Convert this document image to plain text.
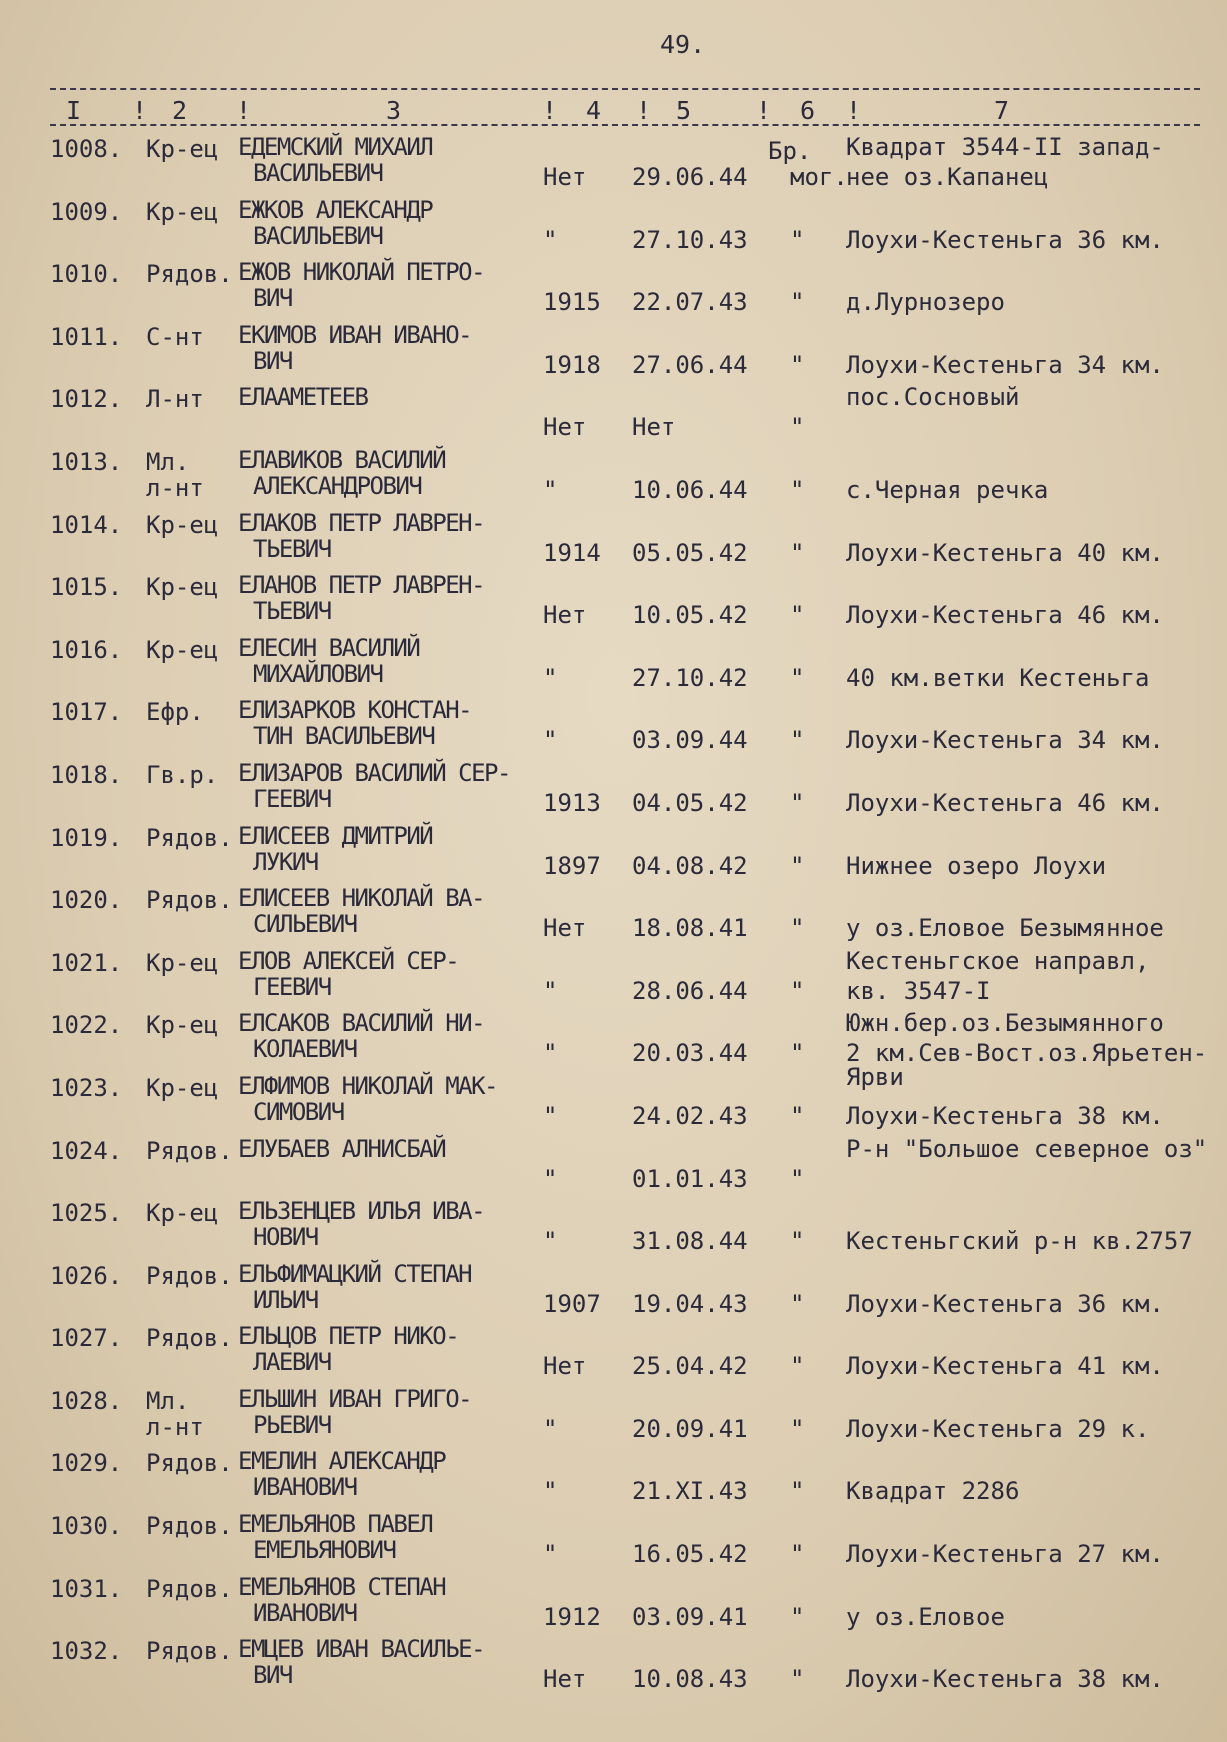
49.
I ! 2 !	3	! 4 ! 5	! 6 !	7
1008. Кр-ец ЕДЕМСКИЙ МИХАИЛ
ВАСИЛЬЕВИЧ	Нет 29.06.44
Бр.
мог.
Квадрат 3544-II запад-
нее оз.Капанец
1009. Кр-ец ЕЖКОВ АЛЕКСАНДР
ВАСИЛЬЕВИЧ	"	27.10.43 " Лоухи-Кестеньга 36 км.
1010. Рядов. ЕЖОВ НИКОЛАЙ ПЕТРО-
ВИЧ	1915 22.07.43 " д.Лурнозеро
1011. С-нт ЕКИМОВ ИВАН ИВАНО-
ВИЧ	1918 27.06.44 " Лоухи-Кестеньга 34 км.
1012. Л-нт ЕЛААМЕТЕЕВ
Нет Нет	"
пос.Сосновый
1013. Мл.
л-нт
ЕЛАВИКОВ ВАСИЛИЙ
АЛЕКСАНДРОВИЧ	"	10.06.44 " с.Черная речка
1014. Кр-ец ЕЛАКОВ ПЕТР ЛАВРЕН-
ТЬЕВИЧ	1914 05.05.42 " Лоухи-Кестеньга 40 км.
1015. Кр-ец ЕЛАНОВ ПЕТР ЛАВРЕН-
ТЬЕВИЧ	Нет 10.05.42 " Лоухи-Кестеньга 46 км.
1016. Кр-ец ЕЛЕСИН ВАСИЛИЙ
МИХАЙЛОВИЧ	"	27.10.42 " 40 км.ветки Кестеньга
1017. Ефр. ЕЛИЗАРКОВ КОНСТАН-
ТИН ВАСИЛЬЕВИЧ	"	03.09.44 " Лоухи-Кестеньга 34 км.
1018. Гв.р. ЕЛИЗАРОВ ВАСИЛИЙ СЕР-
ГЕЕВИЧ	1913 04.05.42 " Лоухи-Кестеньга 46 км.
1019. Рядов. ЕЛИСЕЕВ ДМИТРИЙ
ЛУКИЧ	1897 04.08.42 " Нижнее озеро Лоухи
1020. Рядов. ЕЛИСЕЕВ НИКОЛАЙ ВА-
СИЛЬЕВИЧ	Нет 18.08.41 " у оз.Еловое Безымянное
1021. Кр-ец ЕЛОВ АЛЕКСЕЙ СЕР-
ГЕЕВИЧ	"	28.06.44 "
Кестеньгское направл,
кв. 3547-I
1022. Кр-ец ЕЛСАКОВ ВАСИЛИЙ НИ-
КОЛАЕВИЧ	"	20.03.44 "
Южн.бер.оз.Безымянного
2 км.Сев-Вост.оз.Ярьетен-
Ярви
1023. Кр-ец ЕЛФИМОВ НИКОЛАЙ МАК-
СИМОВИЧ	"	24.02.43 " Лоухи-Кестеньга 38 км.
1024. Рядов. ЕЛУБАЕВ АЛНИСБАЙ
"	01.01.43 "
Р-н "Большое северное оз"
1025. Кр-ец ЕЛЬЗЕНЦЕВ ИЛЬЯ ИВА-
НОВИЧ	"	31.08.44 " Кестеньгский р-н кв.2757
1026. Рядов. ЕЛЬФИМАЦКИЙ СТЕПАН
ИЛЬИЧ	1907 19.04.43 " Лоухи-Кестеньга 36 км.
1027. Рядов. ЕЛЬЦОВ ПЕТР НИКО-
ЛАЕВИЧ	Нет 25.04.42 " Лоухи-Кестеньга 41 км.
1028. Мл.
л-нт
ЕЛЬШИН ИВАН ГРИГО-
РЬЕВИЧ	"	20.09.41 " Лоухи-Кестеньга 29 к.
1029. Рядов. ЕМЕЛИН АЛЕКСАНДР
ИВАНОВИЧ	"	21.XI.43 " Квадрат 2286
1030. Рядов. ЕМЕЛЬЯНОВ ПАВЕЛ
ЕМЕЛЬЯНОВИЧ	"	16.05.42 " Лоухи-Кестеньга 27 км.
1031. Рядов. ЕМЕЛЬЯНОВ СТЕПАН
ИВАНОВИЧ	1912 03.09.41 " у оз.Еловое
1032. Рядов. ЕМЦЕВ ИВАН ВАСИЛЬЕ-
ВИЧ	Нет 10.08.43 " Лоухи-Кестеньга 38 км.
